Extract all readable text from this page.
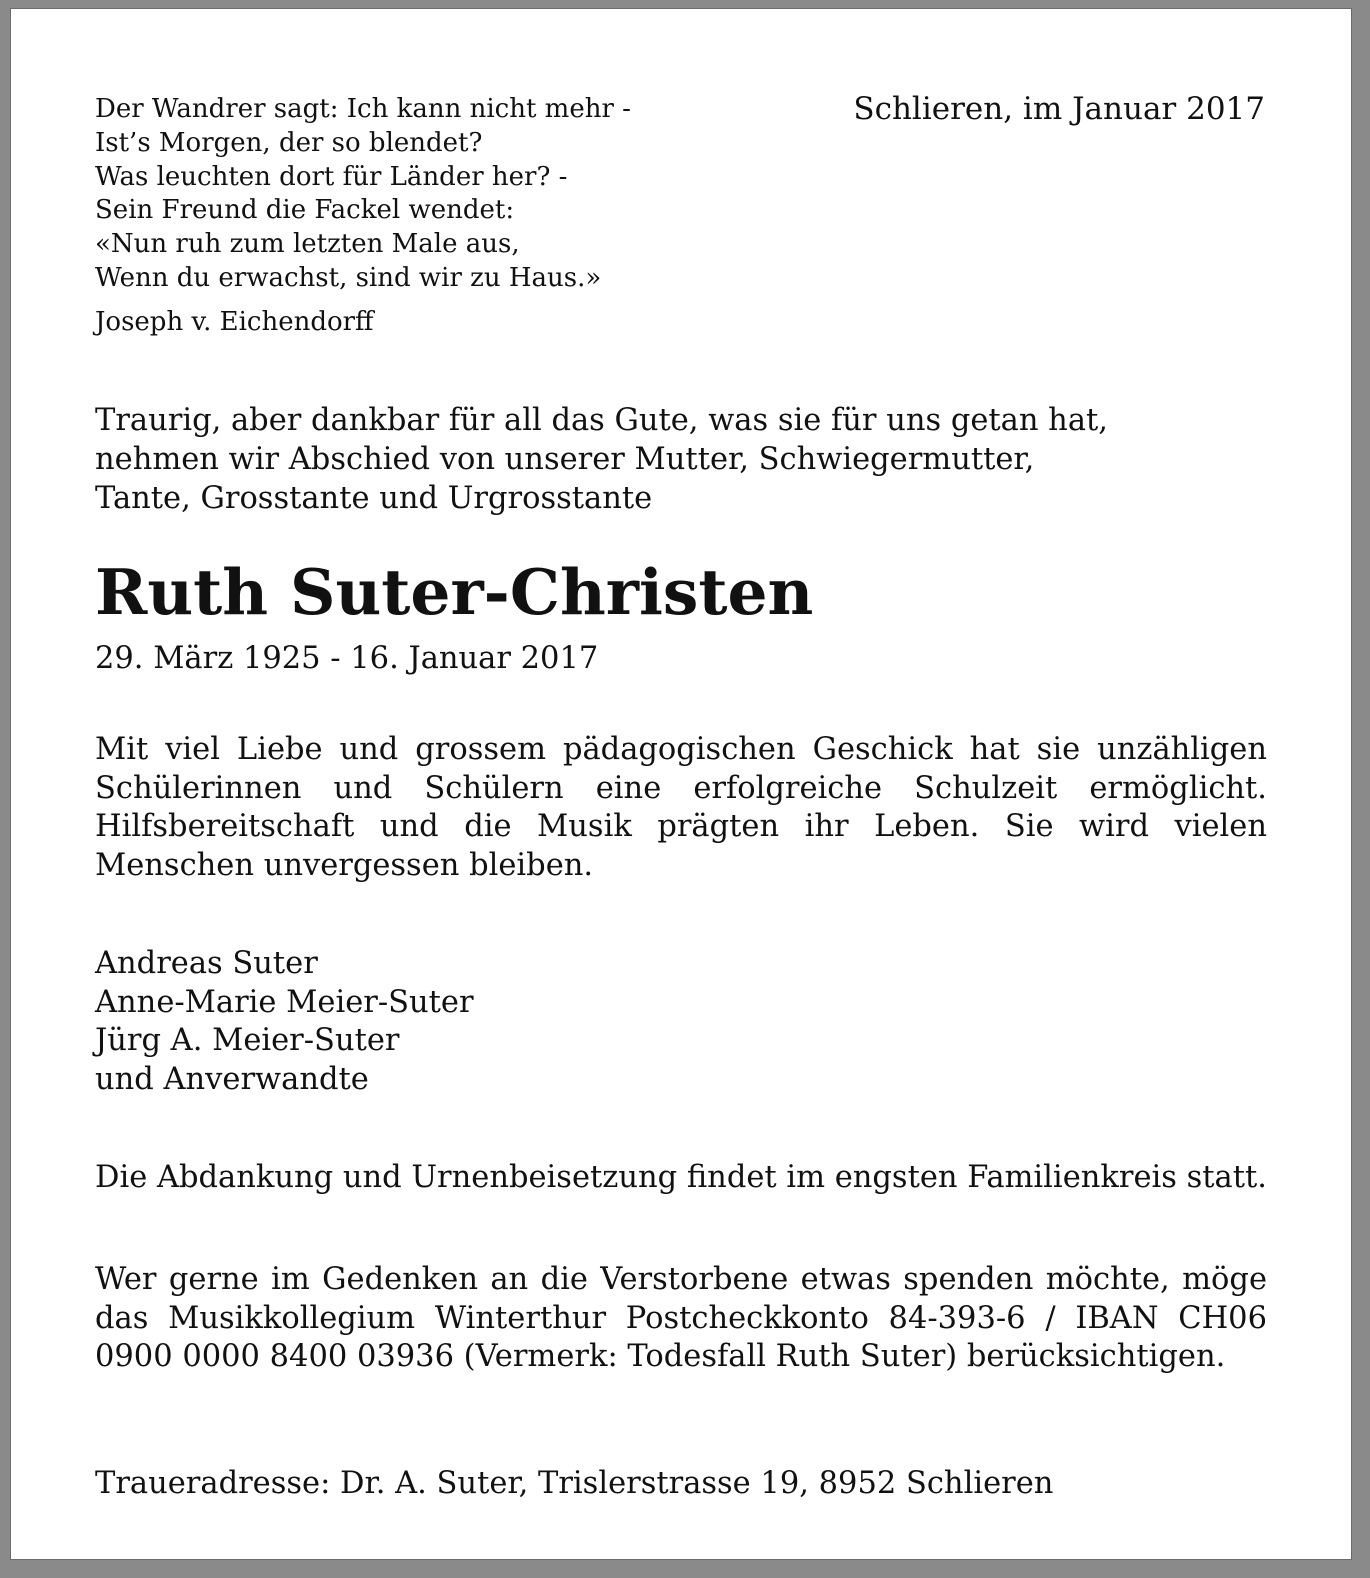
Der Wandrer sagt: Ich kann nicht mehr -
Ist’s Morgen, der so blendet?
Was leuchten dort für Länder her? -
Sein Freund die Fackel wendet:
«Nun ruh zum letzten Male aus,
Wenn du erwachst, sind wir zu Haus.»

Joseph v. Eichendorff

Schlieren, im Januar 2017

Traurig, aber dankbar für all das Gute, was sie für uns getan hat,
nehmen wir Abschied von unserer Mutter, Schwiegermutter,
Tante, Grosstante und Urgrosstante
Ruth Suter-Christen

29. März 1925 - 16. Januar 2017

Mit viel Liebe und grossem pädagogischen Geschick hat sie unzähligen Schülerinnen und Schülern eine erfolgreiche Schulzeit ermöglicht. Hilfsbereitschaft und die Musik prägten ihr Leben. Sie wird vielen Menschen unvergessen bleiben.

Andreas Suter
Anne-Marie Meier-Suter
Jürg A. Meier-Suter
und Anverwandte

Die Abdankung und Urnenbeisetzung findet im engsten Familienkreis statt.

Wer gerne im Gedenken an die Verstorbene etwas spenden möchte, möge das Musikkollegium Winterthur Postcheckkonto 84-393-6 / IBAN CH06 0900 0000 8400 03936 (Vermerk: Todesfall Ruth Suter) berücksichtigen.

Traueradresse: Dr. A. Suter, Trislerstrasse 19, 8952 Schlieren
